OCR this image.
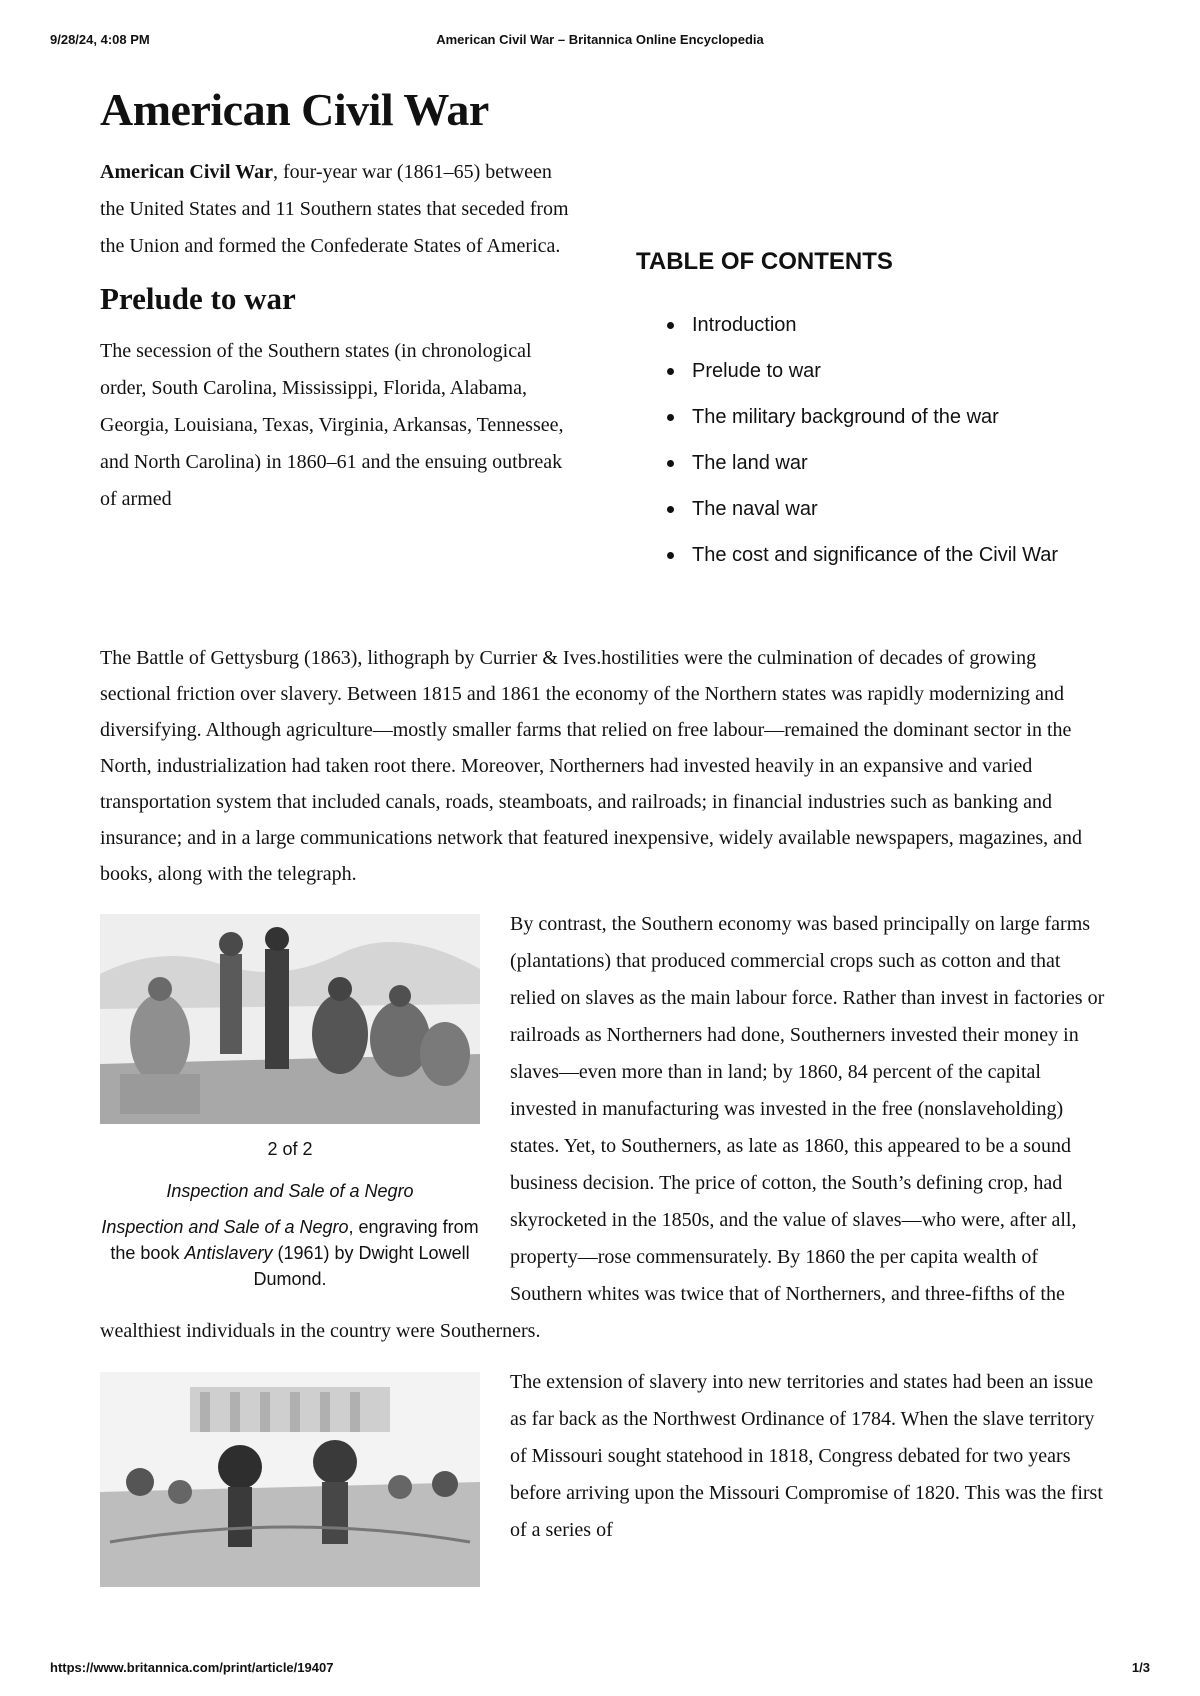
9/28/24, 4:08 PM	American Civil War – Britannica Online Encyclopedia
American Civil War

American Civil War, four-year war (1861–65) between the United States and 11 Southern states that seceded from the Union and formed the Confederate States of America.

Prelude to war

The secession of the Southern states (in chronological order, South Carolina, Mississippi, Florida, Alabama, Georgia, Louisiana, Texas, Virginia, Arkansas, Tennessee, and North Carolina) in 1860–61 and the ensuing outbreak of armed

TABLE OF CONTENTS
Introduction
Prelude to war
The military background of the war
The land war
The naval war
The cost and significance of the Civil War

The Battle of Gettysburg (1863), lithograph by Currier & Ives.hostilities were the culmination of decades of growing sectional friction over slavery. Between 1815 and 1861 the economy of the Northern states was rapidly modernizing and diversifying. Although agriculture—mostly smaller farms that relied on free labour—remained the dominant sector in the North, industrialization had taken root there. Moreover, Northerners had invested heavily in an expansive and varied transportation system that included canals, roads, steamboats, and railroads; in financial industries such as banking and insurance; and in a large communications network that featured inexpensive, widely available newspapers, magazines, and books, along with the telegraph.

2 of 2
Inspection and Sale of a Negro
Inspection and Sale of a Negro, engraving from the book Antislavery (1961) by Dwight Lowell Dumond.

By contrast, the Southern economy was based principally on large farms (plantations) that produced commercial crops such as cotton and that relied on slaves as the main labour force. Rather than invest in factories or railroads as Northerners had done, Southerners invested their money in slaves—even more than in land; by 1860, 84 percent of the capital invested in manufacturing was invested in the free (nonslaveholding) states. Yet, to Southerners, as late as 1860, this appeared to be a sound business decision. The price of cotton, the South’s defining crop, had skyrocketed in the 1850s, and the value of slaves—who were, after all, property—rose commensurately. By 1860 the per capita wealth of Southern whites was twice that of Northerners, and three-fifths of the wealthiest individuals in the country were Southerners.

The extension of slavery into new territories and states had been an issue as far back as the Northwest Ordinance of 1784. When the slave territory of Missouri sought statehood in 1818, Congress debated for two years before arriving upon the Missouri Compromise of 1820. This was the first of a series of

https://www.britannica.com/print/article/19407	1/3
